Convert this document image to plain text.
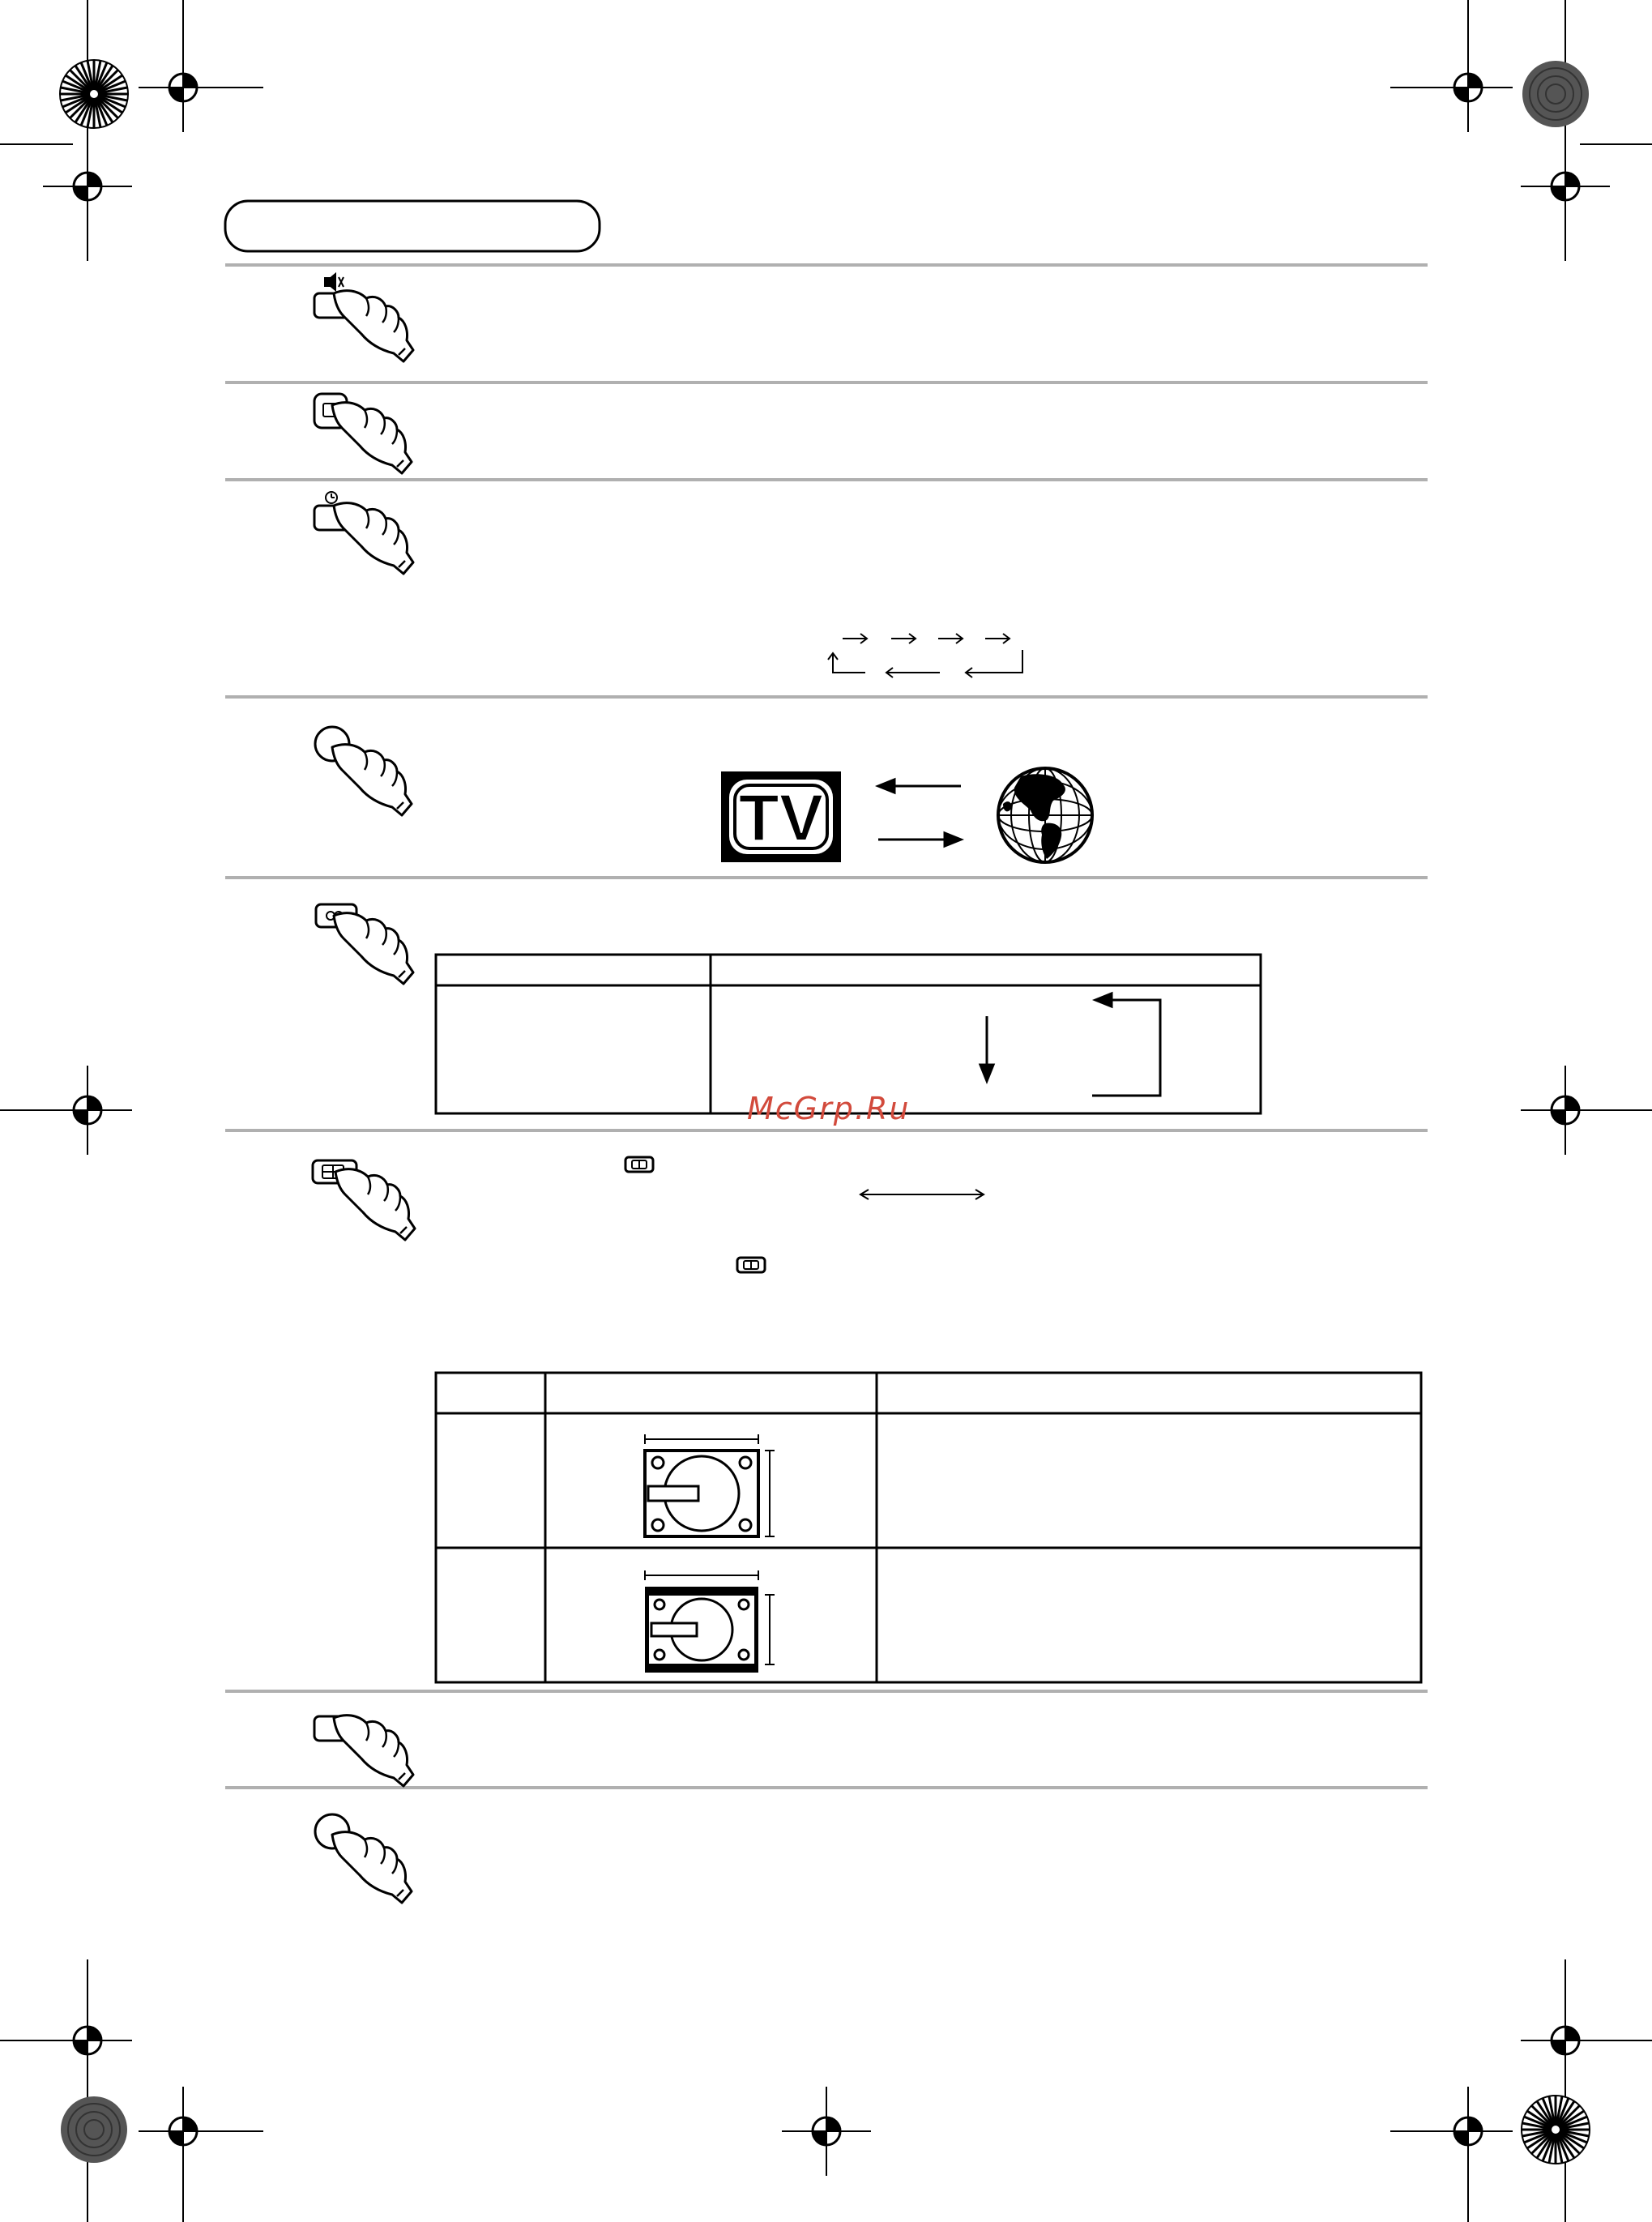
TV
McGrp.Ru
